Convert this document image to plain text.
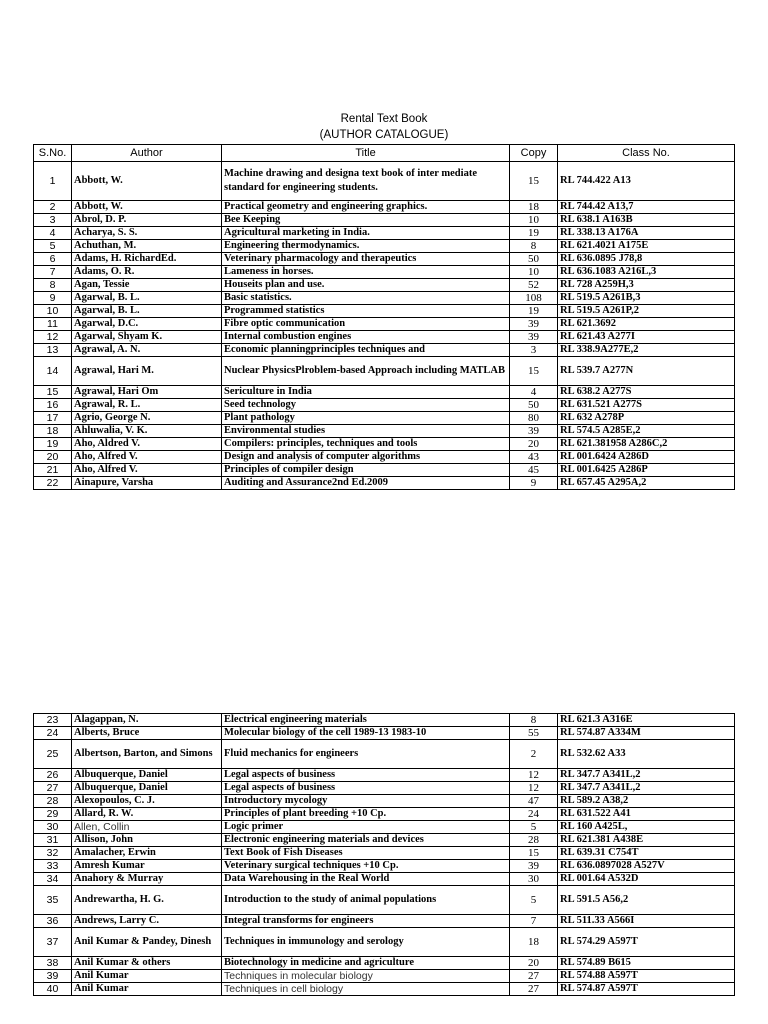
Rental Text Book
(AUTHOR CATALOGUE)
S.No.	Author	Title	Copy	Class No.
1	Abbott, W.	Machine drawing and designa text book of inter mediate standard for engineering students.	15	RL 744.422 A13
2	Abbott, W.	Practical geometry and engineering graphics.	18	RL 744.42 A13,7
3	Abrol, D. P.	Bee Keeping	10	RL 638.1 A163B
4	Acharya, S. S.	Agricultural marketing in India.	19	RL 338.13 A176A
5	Achuthan, M.	Engineering thermodynamics.	8	RL 621.4021 A175E
6	Adams, H. RichardEd.	Veterinary pharmacology and therapeutics	50	RL 636.0895 J78,8
7	Adams, O. R.	Lameness in horses.	10	RL 636.1083 A216L,3
8	Agan, Tessie	Houseits plan and use.	52	RL 728 A259H,3
9	Agarwal, B. L.	Basic statistics.	108	RL 519.5 A261B,3
10	Agarwal, B. L.	Programmed statistics	19	RL 519.5 A261P,2
11	Agarwal, D.C.	Fibre optic communication	39	RL 621.3692
12	Agarwal, Shyam K.	Internal combustion engines	39	RL 621.43 A277I
13	Agrawal, A. N.	Economic planningprinciples techniques and	3	RL 338.9A277E,2
14	Agrawal, Hari M.	Nuclear PhysicsPlroblem-based Approach including MATLAB	15	RL 539.7 A277N
15	Agrawal, Hari Om	Sericulture in India	4	RL 638.2 A277S
16	Agrawal, R. L.	Seed technology	50	RL 631.521 A277S
17	Agrio, George N.	Plant pathology	80	RL 632 A278P
18	Ahluwalia, V. K.	Environmental studies	39	RL 574.5 A285E,2
19	Aho, Aldred V.	Compilers: principles, techniques and tools	20	RL 621.381958 A286C,2
20	Aho, Alfred V.	Design and analysis of computer algorithms	43	RL 001.6424 A286D
21	Aho, Alfred V.	Principles of compiler design	45	RL 001.6425 A286P
22	Ainapure, Varsha	Auditing and Assurance2nd Ed.2009	9	RL 657.45 A295A,2
23	Alagappan, N.	Electrical engineering materials	8	RL 621.3 A316E
24	Alberts, Bruce	Molecular biology of the cell 1989-13 1983-10	55	RL 574.87 A334M
25	Albertson, Barton, and Simons	Fluid mechanics for engineers	2	RL 532.62 A33
26	Albuquerque, Daniel	Legal aspects of business	12	RL 347.7 A341L,2
27	Albuquerque, Daniel	Legal aspects of business	12	RL 347.7 A341L,2
28	Alexopoulos, C. J.	Introductory mycology	47	RL 589.2 A38,2
29	Allard, R. W.	Principles of plant breeding +10 Cp.	24	RL 631.522 A41
30	Allen, Collin	Logic primer	5	RL 160 A425L,
31	Allison, John	Electronic engineering materials and devices	28	RL 621.381 A438E
32	Amalacher, Erwin	Text Book of Fish Diseases	15	RL 639.31 C754T
33	Amresh Kumar	Veterinary surgical techniques +10 Cp.	39	RL 636.0897028 A527V
34	Anahory & Murray	Data Warehousing in the Real World	30	RL 001.64 A532D
35	Andrewartha, H. G.	Introduction to the study of animal populations	5	RL 591.5 A56,2
36	Andrews, Larry C.	Integral transforms for engineers	7	RL 511.33 A566I
37	Anil Kumar & Pandey, Dinesh	Techniques in immunology and serology	18	RL 574.29 A597T
38	Anil Kumar & others	Biotechnology in medicine and agriculture	20	RL 574.89 B615
39	Anil Kumar	Techniques in molecular biology	27	RL 574.88 A597T
40	Anil Kumar	Techniques in cell biology	27	RL 574.87 A597T
